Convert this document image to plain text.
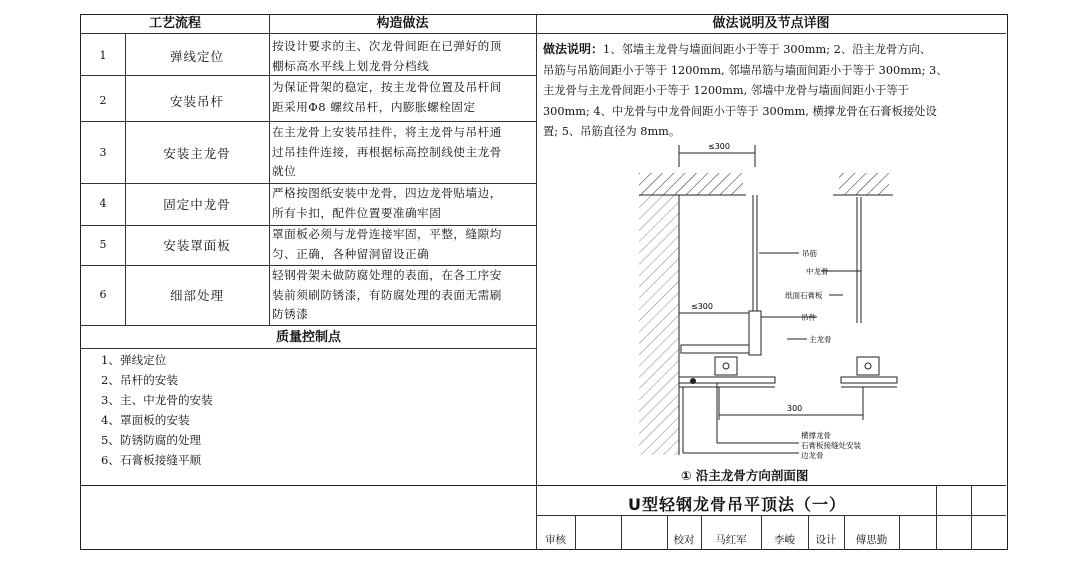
工艺流程	构造做法	做法说明及节点详图
1	弹线定位
按设计要求的主、次龙骨间距在已弹好的顶
棚标高水平线上划龙骨分档线
2	安装吊杆
为保证骨架的稳定，按主龙骨位置及吊杆间
距采用Φ8 螺纹吊杆，内膨胀螺栓固定
3	安装主龙骨
在主龙骨上安装吊挂件，将主龙骨与吊杆通
过吊挂件连接，再根据标高控制线使主龙骨
就位
4	固定中龙骨
严格按图纸安装中龙骨，四边龙骨贴墙边，
所有卡扣，配件位置要准确牢固
5	安装罩面板
罩面板必须与龙骨连接牢固，平整，缝隙均
匀、正确，各种留洞留设正确
6	细部处理
轻钢骨架未做防腐处理的表面，在各工序安
装前须刷防锈漆，有防腐处理的表面无需刷
防锈漆
质量控制点
1、弹线定位
2、吊杆的安装
3、主、中龙骨的安装
4、罩面板的安装
5、防锈防腐的处理
6、石膏板接缝平顺
做法说明：1、邻墙主龙骨与墙面间距小于等于 300mm; 2、沿主龙骨方向、
吊筋与吊筋间距小于等于 1200mm, 邻墙吊筋与墙面间距小于等于 300mm; 3、
主龙骨与主龙骨间距小于等于 1200mm, 邻墙中龙骨与墙面间距小于等于
300mm; 4、中龙骨与中龙骨间距小于等于 300mm, 横撑龙骨在石膏板接处设
置; 5、吊筋直径为 8mm。
≤300
≤300
300
吊筋
中龙骨
纸面石膏板
吊件
主龙骨
横撑龙骨
石膏板接缝处安装
边龙骨
① 沿主龙骨方向剖面图
U型轻钢龙骨吊平顶法（一）
审核	校对	马红军	李峻	设计	傅思勤
